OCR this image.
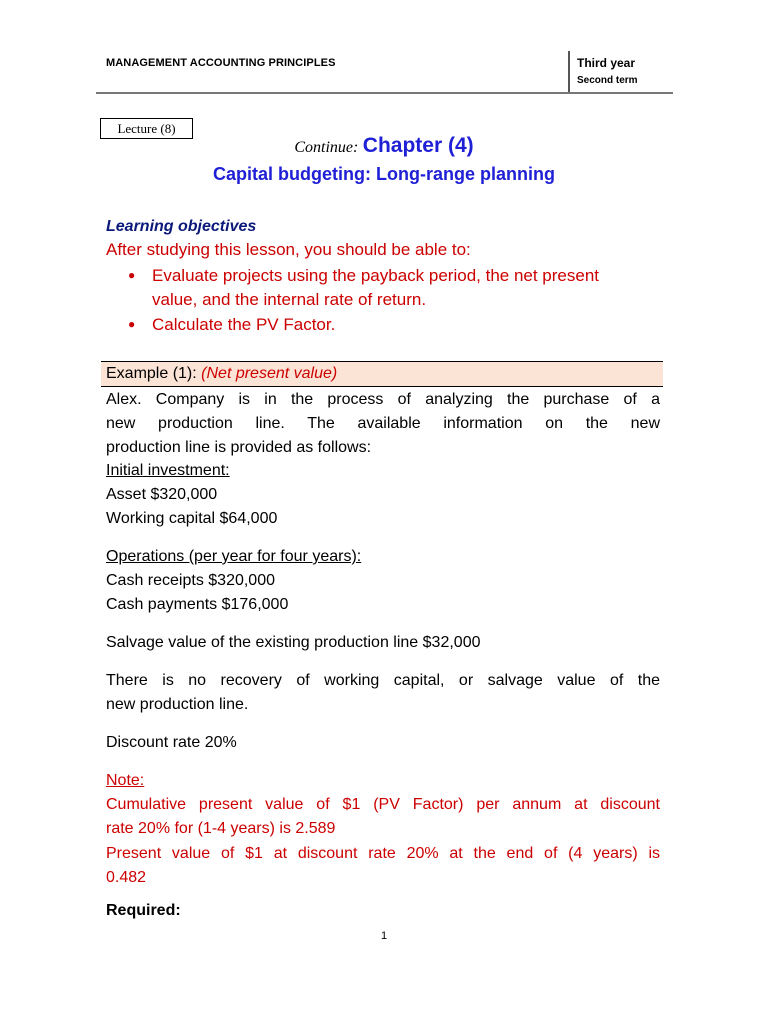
MANAGEMENT ACCOUNTING PRINCIPLES	Third year
Second term
Lecture (8)
Continue: Chapter (4)
Capital budgeting: Long-range planning
Learning objectives
After studying this lesson, you should be able to:
● Evaluate projects using the payback period, the net present
value, and the internal rate of return.
● Calculate the PV Factor.
Example (1): (Net present value)
Alex. Company is in the process of analyzing the purchase of a
new production line. The available information on the new
production line is provided as follows:
Initial investment:
Asset $320,000
Working capital $64,000
Operations (per year for four years):
Cash receipts $320,000
Cash payments $176,000
Salvage value of the existing production line $32,000
There is no recovery of working capital, or salvage value of the
new production line.
Discount rate 20%
Note:
Cumulative present value of $1 (PV Factor) per annum at discount
rate 20% for (1-4 years) is 2.589
Present value of $1 at discount rate 20% at the end of (4 years) is
0.482
Required:
1
